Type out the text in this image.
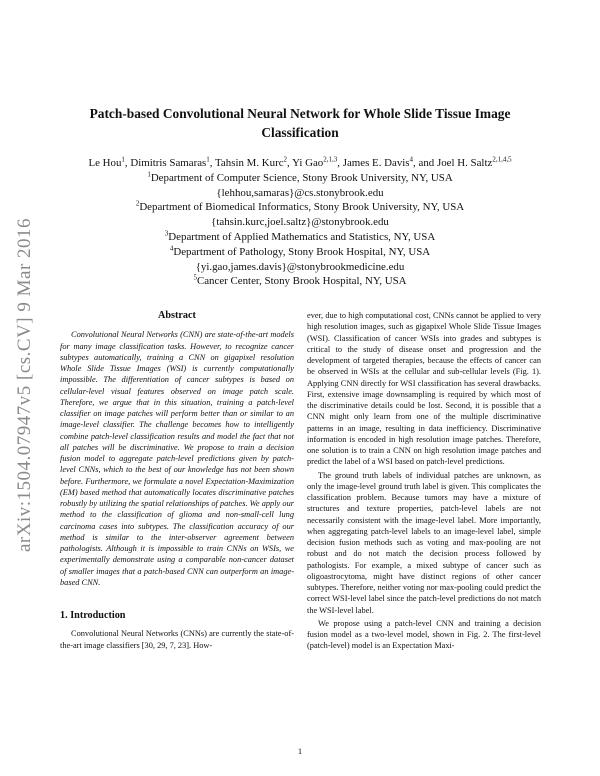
arXiv:1504.07947v5 [cs.CV] 9 Mar 2016
Patch-based Convolutional Neural Network for Whole Slide Tissue Image
Classification
Le Hou$^1$, Dimitris Samaras$^1$, Tahsin M. Kurc$^2$, Yi Gao$^{2,1,3}$, James E. Davis$^4$, and Joel H. Saltz$^{2,1,4,5}$
$^1$Department of Computer Science, Stony Brook University, NY, USA
{lehhou,samaras}@cs.stonybrook.edu
$^2$Department of Biomedical Informatics, Stony Brook University, NY, USA
{tahsin.kurc,joel.saltz}@stonybrook.edu
$^3$Department of Applied Mathematics and Statistics, NY, USA
$^4$Department of Pathology, Stony Brook Hospital, NY, USA
{yi.gao,james.davis}@stonybrookmedicine.edu
$^5$Cancer Center, Stony Brook Hospital, NY, USA
Abstract

Convolutional Neural Networks (CNN) are state-of-the-art models for many image classification tasks. However, to recognize cancer subtypes automatically, training a CNN on gigapixel resolution Whole Slide Tissue Images (WSI) is currently computationally impossible. The differentiation of cancer subtypes is based on cellular-level visual features observed on image patch scale. Therefore, we argue that in this situation, training a patch-level classifier on image patches will perform better than or similar to an image-level classifier. The challenge becomes how to intelligently combine patch-level classification results and model the fact that not all patches will be discriminative. We propose to train a decision fusion model to aggregate patch-level predictions given by patch-level CNNs, which to the best of our knowledge has not been shown before. Furthermore, we formulate a novel Expectation-Maximization (EM) based method that automatically locates discriminative patches robustly by utilizing the spatial relationships of patches. We apply our method to the classification of glioma and non-small-cell lung carcinoma cases into subtypes. The classification accuracy of our method is similar to the inter-observer agreement between pathologists. Although it is impossible to train CNNs on WSIs, we experimentally demonstrate using a comparable non-cancer dataset of smaller images that a patch-based CNN can outperform an image-based CNN.

1. Introduction

Convolutional Neural Networks (CNNs) are currently the state-of-the-art image classifiers [30, 29, 7, 23]. How-

ever, due to high computational cost, CNNs cannot be applied to very high resolution images, such as gigapixel Whole Slide Tissue Images (WSI). Classification of cancer WSIs into grades and subtypes is critical to the study of disease onset and progression and the development of targeted therapies, because the effects of cancer can be observed in WSIs at the cellular and sub-cellular levels (Fig. 1). Applying CNN directly for WSI classification has several drawbacks. First, extensive image downsampling is required by which most of the discriminative details could be lost. Second, it is possible that a CNN might only learn from one of the multiple discriminative patterns in an image, resulting in data inefficiency. Discriminative information is encoded in high resolution image patches. Therefore, one solution is to train a CNN on high resolution image patches and predict the label of a WSI based on patch-level predictions.

The ground truth labels of individual patches are unknown, as only the image-level ground truth label is given. This complicates the classification problem. Because tumors may have a mixture of structures and texture properties, patch-level labels are not necessarily consistent with the image-level label. More importantly, when aggregating patch-level labels to an image-level label, simple decision fusion methods such as voting and max-pooling are not robust and do not match the decision process followed by pathologists. For example, a mixed subtype of cancer such as oligoastrocytoma, might have distinct regions of other cancer subtypes. Therefore, neither voting nor max-pooling could predict the correct WSI-level label since the patch-level predictions do not match the WSI-level label.

We propose using a patch-level CNN and training a decision fusion model as a two-level model, shown in Fig. 2. The first-level (patch-level) model is an Expectation Maxi-

1
